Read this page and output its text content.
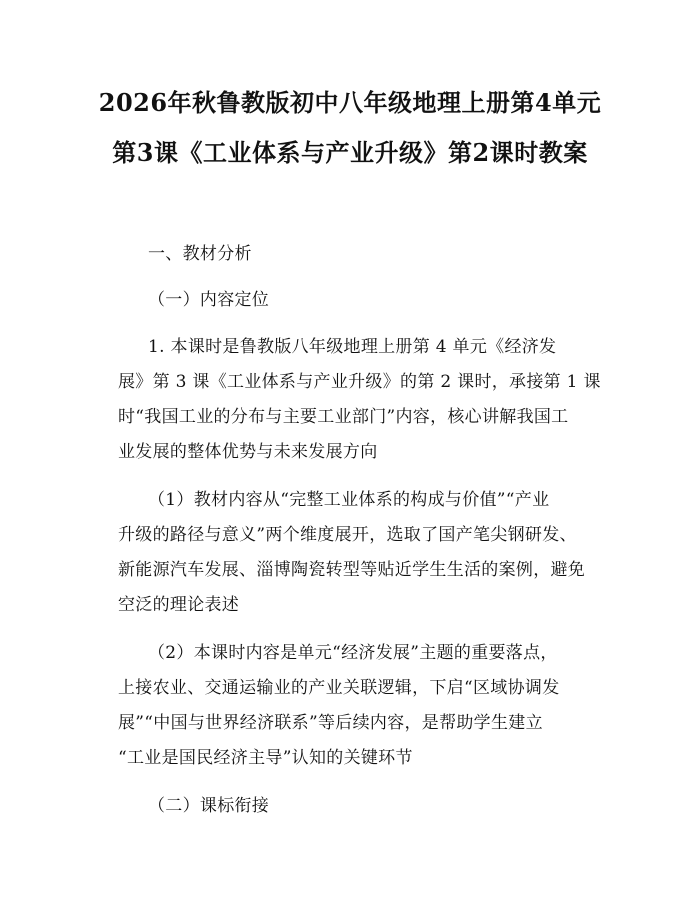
2026年秋鲁教版初中八年级地理上册第4单元第3课《工业体系与产业升级》第2课时教案

一、教材分析

（一）内容定位

1. 本课时是鲁教版八年级地理上册第 4 单元《经济发

展》第 3 课《工业体系与产业升级》的第 2 课时，承接第 1 课

时“我国工业的分布与主要工业部门”内容，核心讲解我国工

业发展的整体优势与未来发展方向

（1）教材内容从“完整工业体系的构成与价值”“产业

升级的路径与意义”两个维度展开，选取了国产笔尖钢研发、

新能源汽车发展、淄博陶瓷转型等贴近学生生活的案例，避免

空泛的理论表述

（2）本课时内容是单元“经济发展”主题的重要落点，

上接农业、交通运输业的产业关联逻辑，下启“区域协调发

展”“中国与世界经济联系”等后续内容，是帮助学生建立

“工业是国民经济主导”认知的关键环节

（二）课标衔接
